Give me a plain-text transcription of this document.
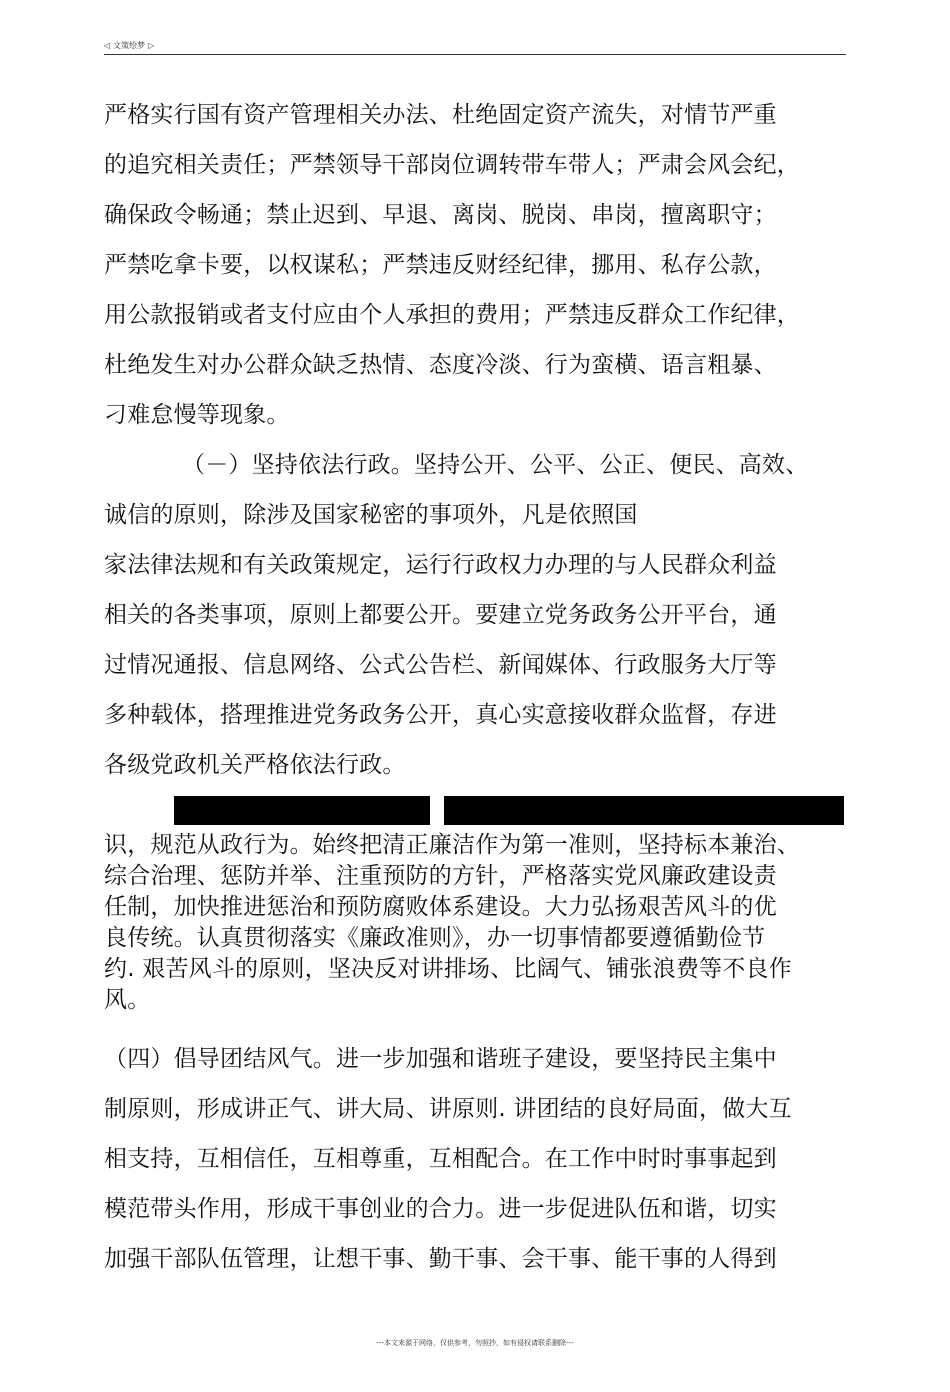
◁ 文策绘梦 ▷
严格实行国有资产管理相关办法、杜绝固定资产流失，对情节严重
的追究相关责任；严禁领导干部岗位调转带车带人；严肃会风会纪，
确保政令畅通；禁止迟到、早退、离岗、脱岗、串岗，擅离职守；
严禁吃拿卡要，以权谋私；严禁违反财经纪律，挪用、私存公款，
用公款报销或者支付应由个人承担的费用；严禁违反群众工作纪律，
杜绝发生对办公群众缺乏热情、态度冷淡、行为蛮横、语言粗暴、
刁难怠慢等现象。
（－）坚持依法行政。坚持公开、公平、公正、便民、高效、
诚信的原则，除涉及国家秘密的事项外，凡是依照国
家法律法规和有关政策规定，运行行政权力办理的与人民群众利益
相关的各类事项，原则上都要公开。要建立党务政务公开平台，通
过情况通报、信息网络、公式公告栏、新闻媒体、行政服务大厅等
多种载体，搭理推进党务政务公开，真心实意接收群众监督，存进
各级党政机关严格依法行政。
识，规范从政行为。始终把清正廉洁作为第一准则，坚持标本兼治、
综合治理、惩防并举、注重预防的方针，严格落实党风廉政建设责
任制，加快推进惩治和预防腐败体系建设。大力弘扬艰苦风斗的优
良传统。认真贯彻落实《廉政准则》，办一切事情都要遵循勤俭节
约. 艰苦风斗的原则，坚决反对讲排场、比阔气、铺张浪费等不良作
风。
（四）倡导团结风气。进一步加强和谐班子建设，要坚持民主集中
制原则，形成讲正气、讲大局、讲原则. 讲团结的良好局面，做大互
相支持，互相信任，互相尊重，互相配合。在工作中时时事事起到
模范带头作用，形成干事创业的合力。进一步促进队伍和谐，切实
加强干部队伍管理，让想干事、勤干事、会干事、能干事的人得到
---本文来源于网络，仅供参考，勿照抄，如有侵权请联系删除---
